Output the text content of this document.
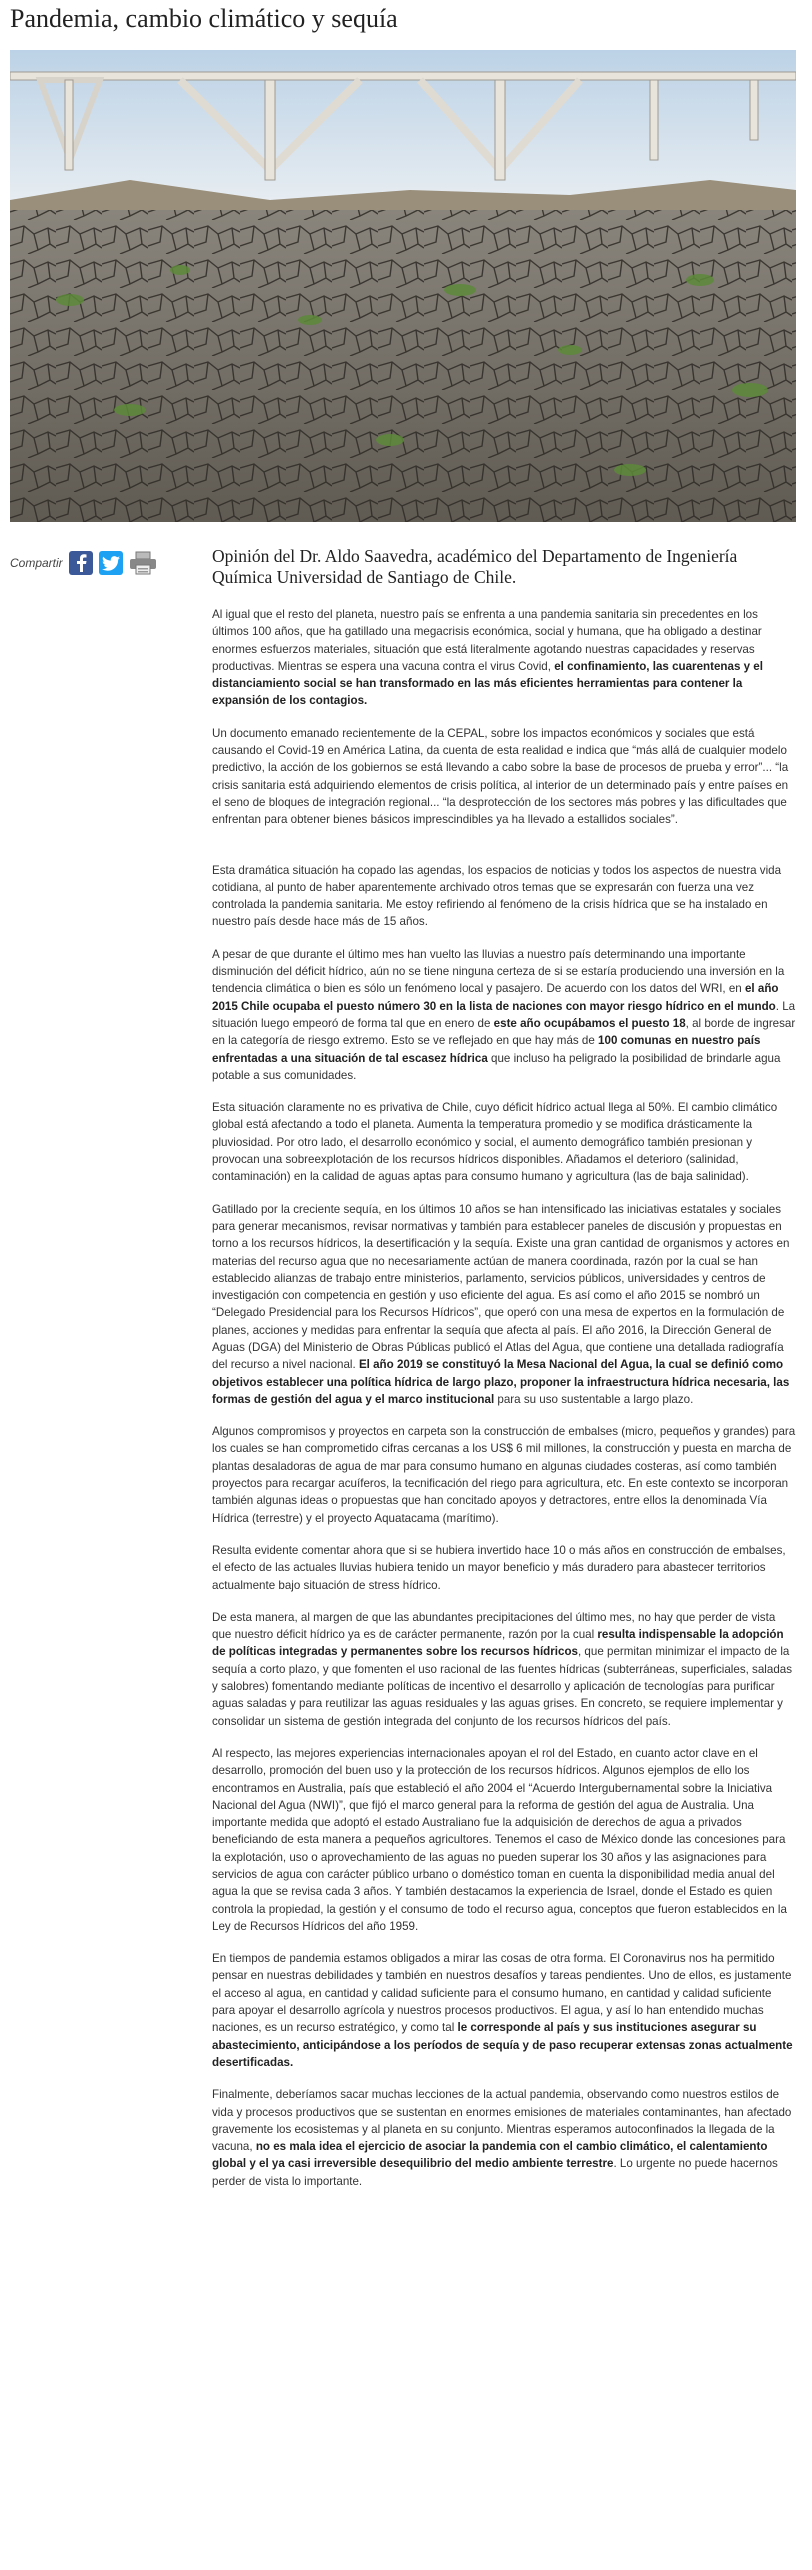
Pandemia, cambio climático y sequía
Compartir	Opinión del Dr. Aldo Saavedra, académico del Departamento de Ingeniería Química Universidad de Santiago de Chile.

Al igual que el resto del planeta, nuestro país se enfrenta a una pandemia sanitaria sin precedentes en los últimos 100 años, que ha gatillado una megacrisis económica, social y humana, que ha obligado a destinar enormes esfuerzos materiales, situación que está literalmente agotando nuestras capacidades y reservas productivas. Mientras se espera una vacuna contra el virus Covid, el confinamiento, las cuarentenas y el distanciamiento social se han transformado en las más eficientes herramientas para contener la expansión de los contagios.

Un documento emanado recientemente de la CEPAL, sobre los impactos económicos y sociales que está causando el Covid-19 en América Latina, da cuenta de esta realidad e indica que “más allá de cualquier modelo predictivo, la acción de los gobiernos se está llevando a cabo sobre la base de procesos de prueba y error”... “la crisis sanitaria está adquiriendo elementos de crisis política, al interior de un determinado país y entre países en el seno de bloques de integración regional... “la desprotección de los sectores más pobres y las dificultades que enfrentan para obtener bienes básicos imprescindibles ya ha llevado a estallidos sociales”.

Esta dramática situación ha copado las agendas, los espacios de noticias y todos los aspectos de nuestra vida cotidiana, al punto de haber aparentemente archivado otros temas que se expresarán con fuerza una vez controlada la pandemia sanitaria. Me estoy refiriendo al fenómeno de la crisis hídrica que se ha instalado en nuestro país desde hace más de 15 años.

A pesar de que durante el último mes han vuelto las lluvias a nuestro país determinando una importante disminución del déficit hídrico, aún no se tiene ninguna certeza de si se estaría produciendo una inversión en la tendencia climática o bien es sólo un fenómeno local y pasajero. De acuerdo con los datos del WRI, en el año 2015 Chile ocupaba el puesto número 30 en la lista de naciones con mayor riesgo hídrico en el mundo. La situación luego empeoró de forma tal que en enero de este año ocupábamos el puesto 18, al borde de ingresar en la categoría de riesgo extremo. Esto se ve reflejado en que hay más de 100 comunas en nuestro país enfrentadas a una situación de tal escasez hídrica que incluso ha peligrado la posibilidad de brindarle agua potable a sus comunidades.

Esta situación claramente no es privativa de Chile, cuyo déficit hídrico actual llega al 50%. El cambio climático global está afectando a todo el planeta. Aumenta la temperatura promedio y se modifica drásticamente la pluviosidad. Por otro lado, el desarrollo económico y social, el aumento demográfico también presionan y provocan una sobreexplotación de los recursos hídricos disponibles. Añadamos el deterioro (salinidad, contaminación) en la calidad de aguas aptas para consumo humano y agricultura (las de baja salinidad).

Gatillado por la creciente sequía, en los últimos 10 años se han intensificado las iniciativas estatales y sociales para generar mecanismos, revisar normativas y también para establecer paneles de discusión y propuestas en torno a los recursos hídricos, la desertificación y la sequía. Existe una gran cantidad de organismos y actores en materias del recurso agua que no necesariamente actúan de manera coordinada, razón por la cual se han establecido alianzas de trabajo entre ministerios, parlamento, servicios públicos, universidades y centros de investigación con competencia en gestión y uso eficiente del agua. Es así como el año 2015 se nombró un “Delegado Presidencial para los Recursos Hídricos”, que operó con una mesa de expertos en la formulación de planes, acciones y medidas para enfrentar la sequía que afecta al país. El año 2016, la Dirección General de Aguas (DGA) del Ministerio de Obras Públicas publicó el Atlas del Agua, que contiene una detallada radiografía del recurso a nivel nacional. El año 2019 se constituyó la Mesa Nacional del Agua, la cual se definió como objetivos establecer una política hídrica de largo plazo, proponer la infraestructura hídrica necesaria, las formas de gestión del agua y el marco institucional para su uso sustentable a largo plazo.

Algunos compromisos y proyectos en carpeta son la construcción de embalses (micro, pequeños y grandes) para los cuales se han comprometido cifras cercanas a los US$ 6 mil millones, la construcción y puesta en marcha de plantas desaladoras de agua de mar para consumo humano en algunas ciudades costeras, así como también proyectos para recargar acuíferos, la tecnificación del riego para agricultura, etc. En este contexto se incorporan también algunas ideas o propuestas que han concitado apoyos y detractores, entre ellos la denominada Vía Hídrica (terrestre) y el proyecto Aquatacama (marítimo).

Resulta evidente comentar ahora que si se hubiera invertido hace 10 o más años en construcción de embalses, el efecto de las actuales lluvias hubiera tenido un mayor beneficio y más duradero para abastecer territorios actualmente bajo situación de stress hídrico.

De esta manera, al margen de que las abundantes precipitaciones del último mes, no hay que perder de vista que nuestro déficit hídrico ya es de carácter permanente, razón por la cual resulta indispensable la adopción de políticas integradas y permanentes sobre los recursos hídricos, que permitan minimizar el impacto de la sequía a corto plazo, y que fomenten el uso racional de las fuentes hídricas (subterráneas, superficiales, saladas y salobres) fomentando mediante políticas de incentivo el desarrollo y aplicación de tecnologías para purificar aguas saladas y para reutilizar las aguas residuales y las aguas grises. En concreto, se requiere implementar y consolidar un sistema de gestión integrada del conjunto de los recursos hídricos del país.

Al respecto, las mejores experiencias internacionales apoyan el rol del Estado, en cuanto actor clave en el desarrollo, promoción del buen uso y la protección de los recursos hídricos. Algunos ejemplos de ello los encontramos en Australia, país que estableció el año 2004 el “Acuerdo Intergubernamental sobre la Iniciativa Nacional del Agua (NWI)”, que fijó el marco general para la reforma de gestión del agua de Australia. Una importante medida que adoptó el estado Australiano fue la adquisición de derechos de agua a privados beneficiando de esta manera a pequeños agricultores. Tenemos el caso de México donde las concesiones para la explotación, uso o aprovechamiento de las aguas no pueden superar los 30 años y las asignaciones para servicios de agua con carácter público urbano o doméstico toman en cuenta la disponibilidad media anual del agua la que se revisa cada 3 años. Y también destacamos la experiencia de Israel, donde el Estado es quien controla la propiedad, la gestión y el consumo de todo el recurso agua, conceptos que fueron establecidos en la Ley de Recursos Hídricos del año 1959.

En tiempos de pandemia estamos obligados a mirar las cosas de otra forma. El Coronavirus nos ha permitido pensar en nuestras debilidades y también en nuestros desafíos y tareas pendientes. Uno de ellos, es justamente el acceso al agua, en cantidad y calidad suficiente para el consumo humano, en cantidad y calidad suficiente para apoyar el desarrollo agrícola y nuestros procesos productivos. El agua, y así lo han entendido muchas naciones, es un recurso estratégico, y como tal le corresponde al país y sus instituciones asegurar su abastecimiento, anticipándose a los períodos de sequía y de paso recuperar extensas zonas actualmente desertificadas.

Finalmente, deberíamos sacar muchas lecciones de la actual pandemia, observando como nuestros estilos de vida y procesos productivos que se sustentan en enormes emisiones de materiales contaminantes, han afectado gravemente los ecosistemas y al planeta en su conjunto. Mientras esperamos autoconfinados la llegada de la vacuna, no es mala idea el ejercicio de asociar la pandemia con el cambio climático, el calentamiento global y el ya casi irreversible desequilibrio del medio ambiente terrestre. Lo urgente no puede hacernos perder de vista lo importante.
